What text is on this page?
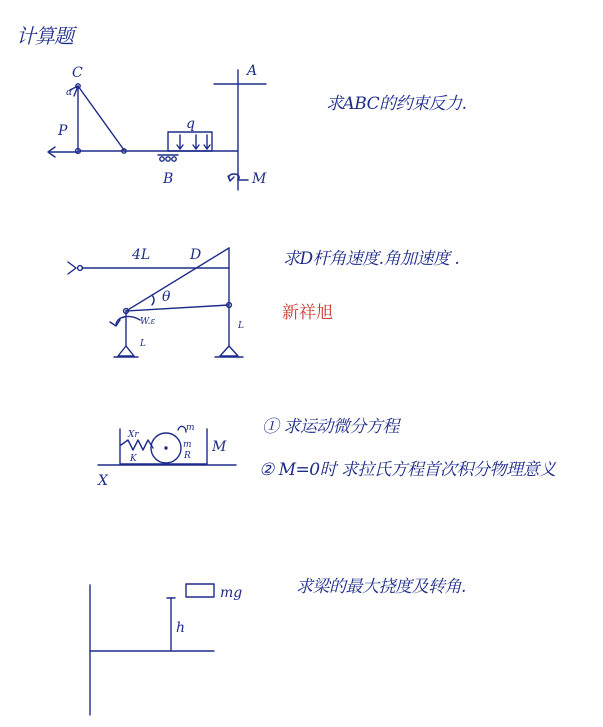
计算题
求ABC的约束反力.
C	A
B
P	q
M
α
求D杆角速度.角加速度 .
新祥旭
4L	D
θ
W.ε
L
L
① 求运动微分方程
② M=0时 求拉氏方程首次积分物理意义
Xr
K
m
m
R
M
X
求梁的最大挠度及转角.
mg
h
